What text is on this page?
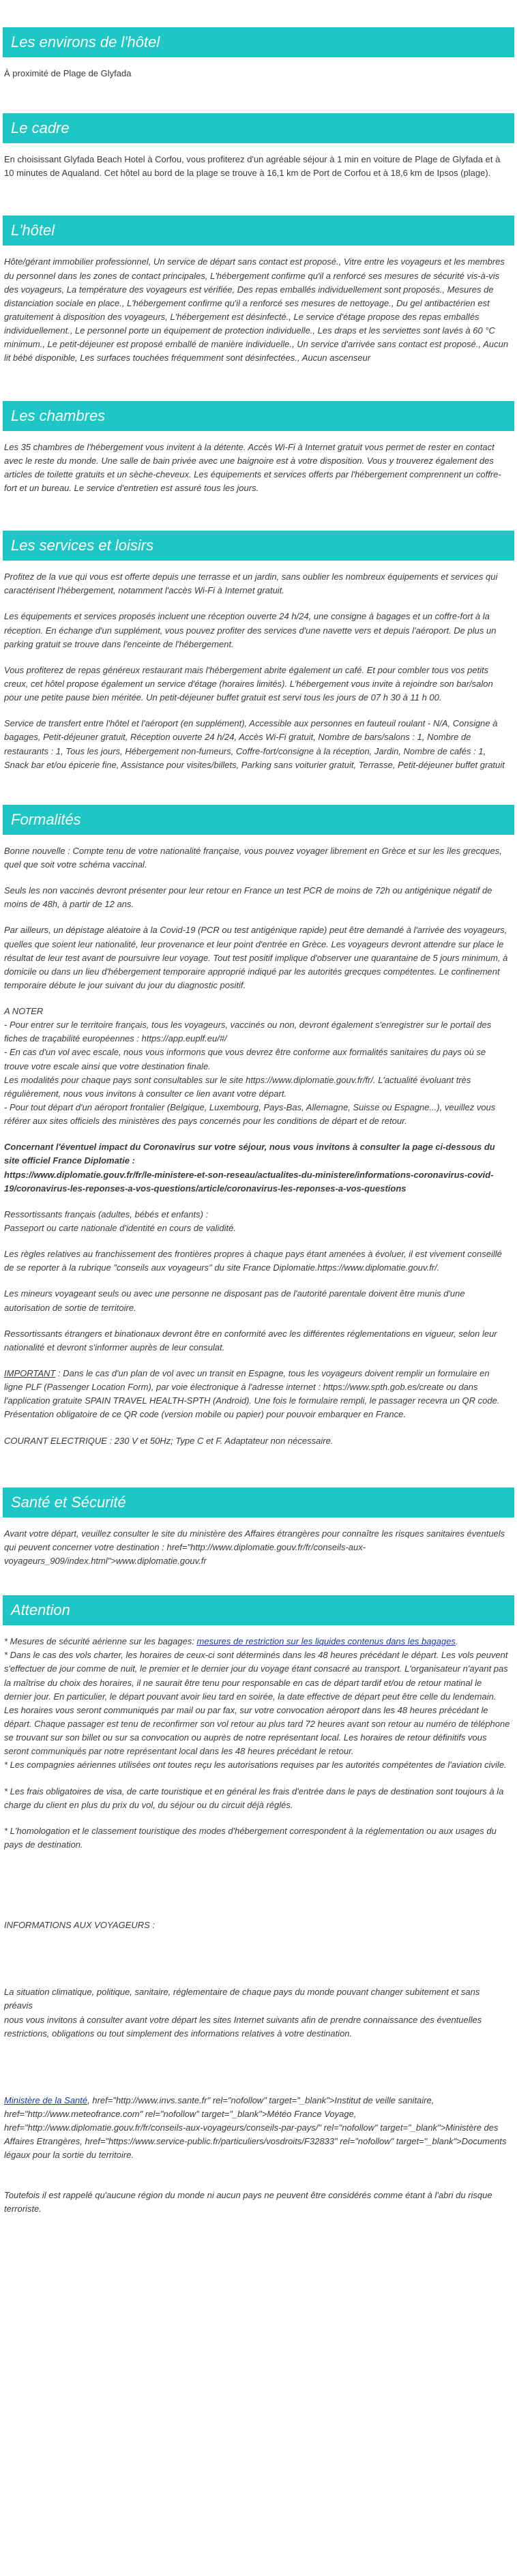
Les environs de l'hôtel

À proximité de Plage de Glyfada

Le cadre

En choisissant Glyfada Beach Hotel à Corfou, vous profiterez d'un agréable séjour à 1 min en voiture de Plage de Glyfada et à 10 minutes de Aqualand. Cet hôtel au bord de la plage se trouve à 16,1 km de Port de Corfou et à 18,6 km de Ipsos (plage).

L'hôtel

Hôte/gérant immobilier professionnel, Un service de départ sans contact est proposé., Vitre entre les voyageurs et les membres du personnel dans les zones de contact principales, L'hébergement confirme qu'il a renforcé ses mesures de sécurité vis-à-vis des voyageurs, La température des voyageurs est vérifiée, Des repas emballés individuellement sont proposés., Mesures de distanciation sociale en place., L'hébergement confirme qu'il a renforcé ses mesures de nettoyage., Du gel antibactérien est gratuitement à disposition des voyageurs, L'hébergement est désinfecté., Le service d'étage propose des repas emballés individuellement., Le personnel porte un équipement de protection individuelle., Les draps et les serviettes sont lavés à 60 °C minimum., Le petit-déjeuner est proposé emballé de manière individuelle., Un service d'arrivée sans contact est proposé., Aucun lit bébé disponible, Les surfaces touchées fréquemment sont désinfectées., Aucun ascenseur

Les chambres

Les 35 chambres de l'hébergement vous invitent à la détente. Accès Wi-Fi à Internet gratuit vous permet de rester en contact avec le reste du monde. Une salle de bain privée avec une baignoire est à votre disposition. Vous y trouverez également des articles de toilette gratuits et un sèche-cheveux. Les équipements et services offerts par l'hébergement comprennent un coffre-fort et un bureau. Le service d'entretien est assuré tous les jours.

Les services et loisirs

Profitez de la vue qui vous est offerte depuis une terrasse et un jardin, sans oublier les nombreux équipements et services qui caractérisent l'hébergement, notamment l'accès Wi-Fi à Internet gratuit.

Les équipements et services proposés incluent une réception ouverte 24 h/24, une consigne à bagages et un coffre-fort à la réception. En échange d'un supplément, vous pouvez profiter des services d'une navette vers et depuis l'aéroport. De plus un parking gratuit se trouve dans l'enceinte de l'hébergement.

Vous profiterez de repas généreux restaurant mais l'hébergement abrite également un café. Et pour combler tous vos petits creux, cet hôtel propose également un service d'étage (horaires limités). L'hébergement vous invite à rejoindre son bar/salon pour une petite pause bien méritée. Un petit-déjeuner buffet gratuit est servi tous les jours de 07 h 30 à 11 h 00.

Service de transfert entre l'hôtel et l'aéroport (en supplément), Accessible aux personnes en fauteuil roulant - N/A, Consigne à bagages, Petit-déjeuner gratuit, Réception ouverte 24 h/24, Accès Wi-Fi gratuit, Nombre de bars/salons : 1, Nombre de restaurants : 1, Tous les jours, Hébergement non-fumeurs, Coffre-fort/consigne à la réception, Jardin, Nombre de cafés : 1, Snack bar et/ou épicerie fine, Assistance pour visites/billets, Parking sans voiturier gratuit, Terrasse, Petit-déjeuner buffet gratuit

Formalités

Bonne nouvelle : Compte tenu de votre nationalité française, vous pouvez voyager librement en Grèce et sur les îles grecques, quel que soit votre schéma vaccinal.

Seuls les non vaccinés devront présenter pour leur retour en France un test PCR de moins de 72h ou antigénique négatif de moins de 48h, à partir de 12 ans.

Par ailleurs, un dépistage aléatoire à la Covid-19 (PCR ou test antigénique rapide) peut être demandé à l'arrivée des voyageurs, quelles que soient leur nationalité, leur provenance et leur point d'entrée en Grèce. Les voyageurs devront attendre sur place le résultat de leur test avant de poursuivre leur voyage. Tout test positif implique d'observer une quarantaine de 5 jours minimum, à domicile ou dans un lieu d'hébergement temporaire approprié indiqué par les autorités grecques compétentes. Le confinement temporaire débute le jour suivant du jour du diagnostic positif.

A NOTER

- Pour entrer sur le territoire français, tous les voyageurs, vaccinés ou non, devront également s'enregistrer sur le portail des fiches de traçabilité européennes : https://app.euplf.eu/#/

- En cas d'un vol avec escale, nous vous informons que vous devrez être conforme aux formalités sanitaires du pays où se trouve votre escale ainsi que votre destination finale.

Les modalités pour chaque pays sont consultables sur le site https://www.diplomatie.gouv.fr/fr/. L'actualité évoluant très régulièrement, nous vous invitons à consulter ce lien avant votre départ.

- Pour tout départ d'un aéroport frontalier (Belgique, Luxembourg, Pays-Bas, Allemagne, Suisse ou Espagne...), veuillez vous référer aux sites officiels des ministères des pays concernés pour les conditions de départ et de retour.

Concernant l'éventuel impact du Coronavirus sur votre séjour, nous vous invitons à consulter la page ci-dessous du site officiel France Diplomatie :
https://www.diplomatie.gouv.fr/fr/le-ministere-et-son-reseau/actualites-du-ministere/informations-coronavirus-covid-19/coronavirus-les-reponses-a-vos-questions/article/coronavirus-les-reponses-a-vos-questions

Ressortissants français (adultes, bébés et enfants) :
Passeport ou carte nationale d'identité en cours de validité.

Les règles relatives au franchissement des frontières propres à chaque pays étant amenées à évoluer, il est vivement conseillé de se reporter à la rubrique "conseils aux voyageurs" du site France Diplomatie.https://www.diplomatie.gouv.fr/.

Les mineurs voyageant seuls ou avec une personne ne disposant pas de l'autorité parentale doivent être munis d'une autorisation de sortie de territoire.

Ressortissants étrangers et binationaux devront être en conformité avec les différentes réglementations en vigueur, selon leur nationalité et devront s'informer auprès de leur consulat.

IMPORTANT : Dans le cas d'un plan de vol avec un transit en Espagne, tous les voyageurs doivent remplir un formulaire en ligne PLF (Passenger Location Form), par voie électronique à l'adresse internet : https://www.spth.gob.es/create ou dans l'application gratuite SPAIN TRAVEL HEALTH-SPTH (Android). Une fois le formulaire rempli, le passager recevra un QR code. Présentation obligatoire de ce QR code (version mobile ou papier) pour pouvoir embarquer en France.

COURANT ELECTRIQUE : 230 V et 50Hz; Type C et F. Adaptateur non nécessaire.

Santé et Sécurité

Avant votre départ, veuillez consulter le site du ministère des Affaires étrangères pour connaître les risques sanitaires éventuels qui peuvent concerner votre destination : href="http://www.diplomatie.gouv.fr/fr/conseils-aux-voyageurs_909/index.html">www.diplomatie.gouv.fr

Attention

* Mesures de sécurité aérienne sur les bagages: mesures de restriction sur les liquides contenus dans les bagages.

* Dans le cas des vols charter, les horaires de ceux-ci sont déterminés dans les 48 heures précédant le départ. Les vols peuvent s'effectuer de jour comme de nuit, le premier et le dernier jour du voyage étant consacré au transport. L'organisateur n'ayant pas la maîtrise du choix des horaires, il ne saurait être tenu pour responsable en cas de départ tardif et/ou de retour matinal le dernier jour. En particulier, le départ pouvant avoir lieu tard en soirée, la date effective de départ peut être celle du lendemain. Les horaires vous seront communiqués par mail ou par fax, sur votre convocation aéroport dans les 48 heures précédant le départ. Chaque passager est tenu de reconfirmer son vol retour au plus tard 72 heures avant son retour au numéro de téléphone se trouvant sur son billet ou sur sa convocation ou auprès de notre représentant local. Les horaires de retour définitifs vous seront communiqués par notre représentant local dans les 48 heures précédant le retour.

* Les compagnies aériennes utilisées ont toutes reçu les autorisations requises par les autorités compétentes de l'aviation civile.

* Les frais obligatoires de visa, de carte touristique et en général les frais d'entrée dans le pays de destination sont toujours à la charge du client en plus du prix du vol, du séjour ou du circuit déjà réglés.

* L'homologation et le classement touristique des modes d'hébergement correspondent à la réglementation ou aux usages du pays de destination.

INFORMATIONS AUX VOYAGEURS :

La situation climatique, politique, sanitaire, réglementaire de chaque pays du monde pouvant changer subitement et sans préavis
nous vous invitons à consulter avant votre départ les sites Internet suivants afin de prendre connaissance des éventuelles restrictions, obligations ou tout simplement des informations relatives à votre destination.

Ministère de la Santé, href="http://www.invs.sante.fr" rel="nofollow" target="_blank">Institut de veille sanitaire, href="http://www.meteofrance.com" rel="nofollow" target="_blank">Météo France Voyage, href="http://www.diplomatie.gouv.fr/fr/conseils-aux-voyageurs/conseils-par-pays/" rel="nofollow" target="_blank">Ministère des Affaires Etrangères, href="https://www.service-public.fr/particuliers/vosdroits/F32833" rel="nofollow" target="_blank">Documents légaux pour la sortie du territoire.

Toutefois il est rappelé qu'aucune région du monde ni aucun pays ne peuvent être considérés comme étant à l'abri du risque terroriste.
